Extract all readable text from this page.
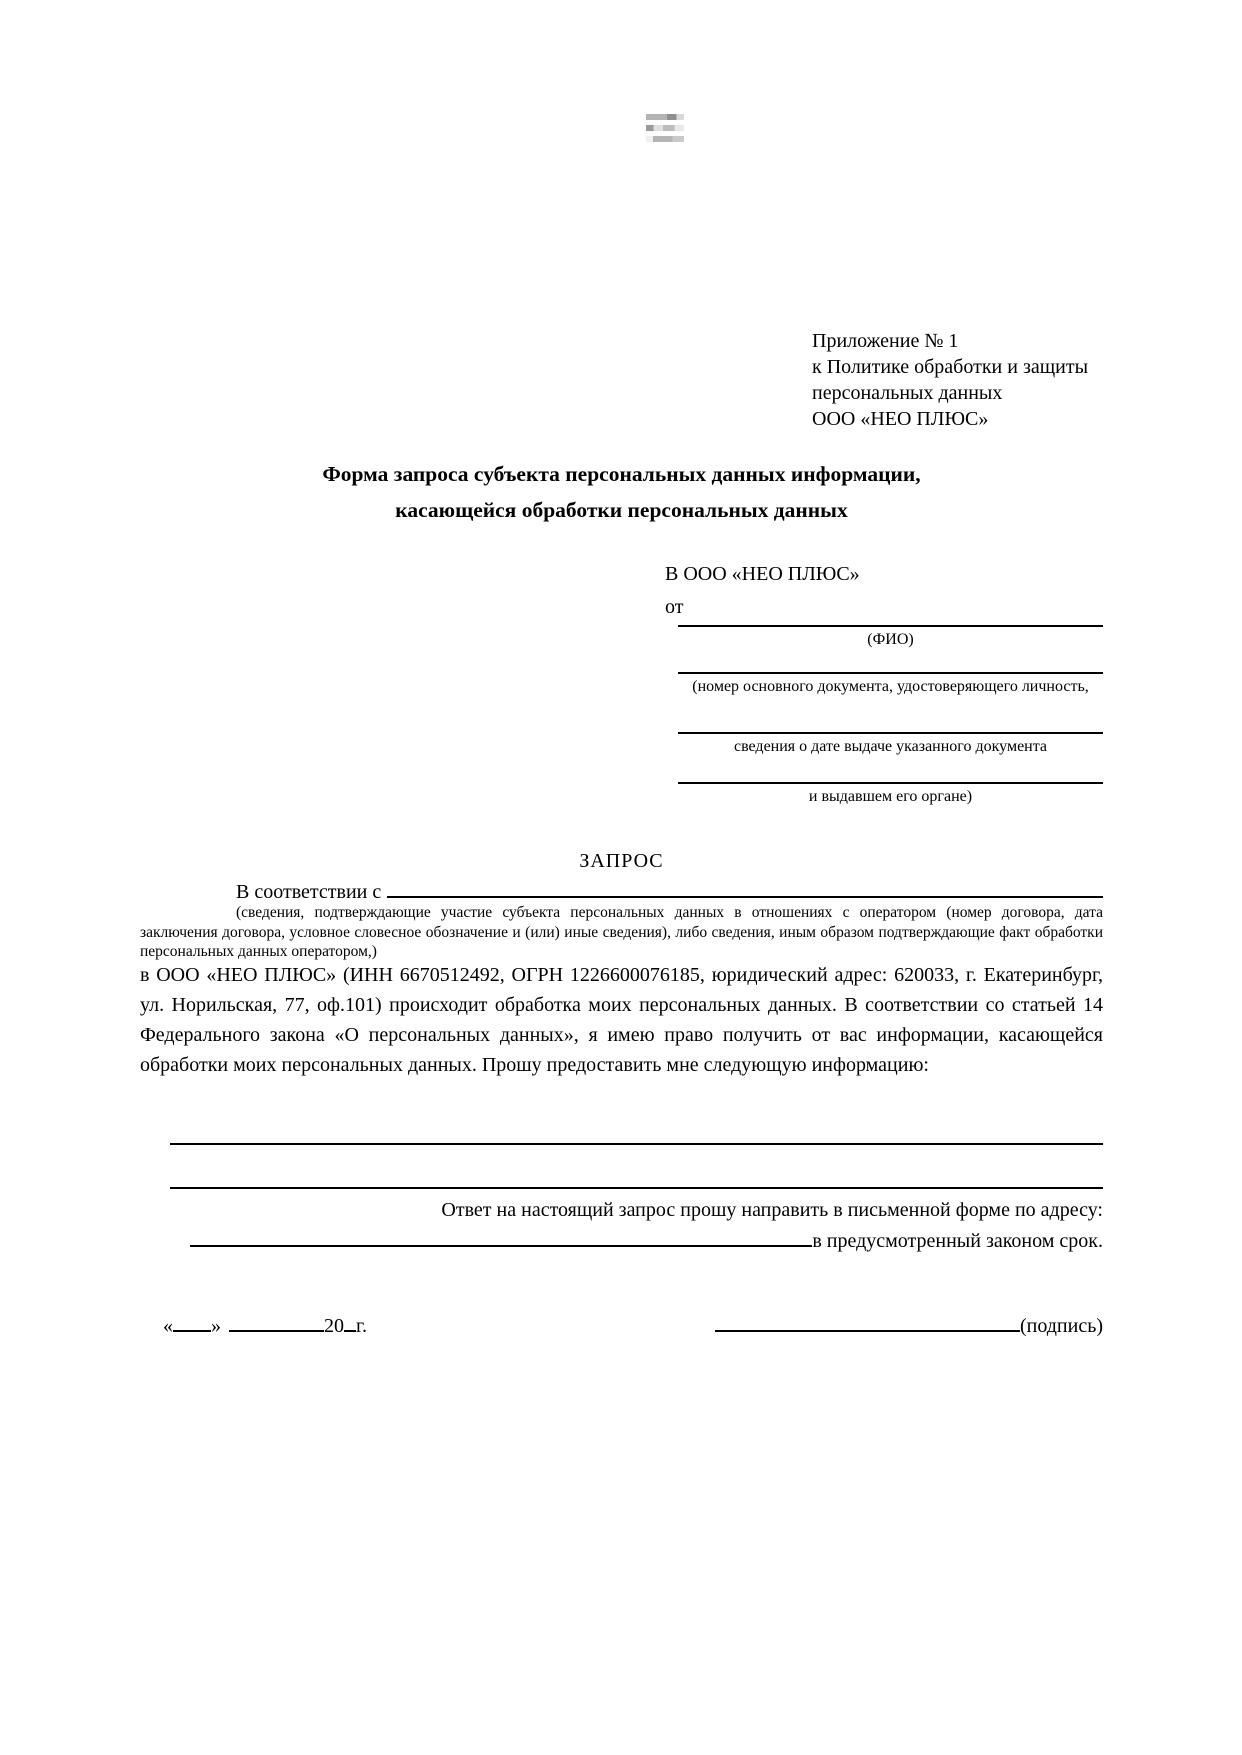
Приложение № 1
к Политике обработки и защиты
персональных данных
ООО «НЕО ПЛЮС»
Форма запроса субъекта персональных данных информации,
касающейся обработки персональных данных
В ООО «НЕО ПЛЮС»
от
(ФИО)
(номер основного документа, удостоверяющего личность,
сведения о дате выдаче указанного документа
и выдавшем его органе)
ЗАПРОС
В соответствии с
(сведения, подтверждающие участие субъекта персональных данных в отношениях с оператором (номер договора, дата заключения договора, условное словесное обозначение и (или) иные сведения), либо сведения, иным образом подтверждающие факт обработки персональных данных оператором,)
в ООО «НЕО ПЛЮС» (ИНН 6670512492, ОГРН 1226600076185, юридический адрес: 620033, г. Екатеринбург, ул. Норильская, 77, оф.101) происходит обработка моих персональных данных. В соответствии со статьей 14 Федерального закона «О персональных данных», я имею право получить от вас информации, касающейся обработки моих персональных данных. Прошу предоставить мне следующую информацию:
Ответ на настоящий запрос прошу направить в письменной форме по адресу:
в предусмотренный законом срок.
« »	20 г.	(подпись)
